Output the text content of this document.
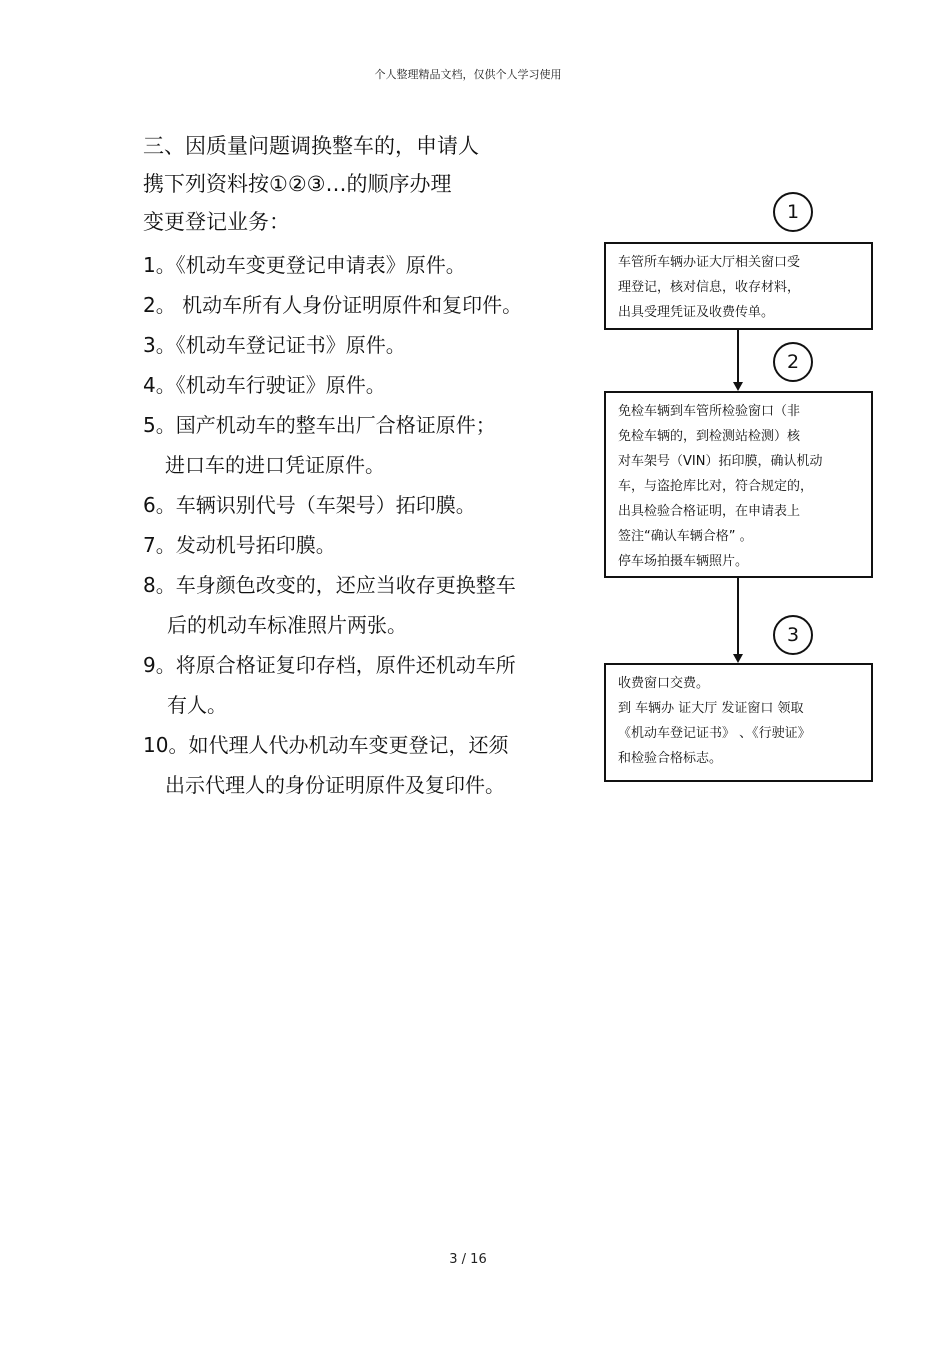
个人整理精品文档，仅供个人学习使用
三、因质量问题调换整车的，申请人
携下列资料按①②③…的顺序办理
变更登记业务：
1。《机动车变更登记申请表》原件。
2。 机动车所有人身份证明原件和复印件。
3。《机动车登记证书》原件。
4。《机动车行驶证》原件。
5。国产机动车的整车出厂合格证原件；
进口车的进口凭证原件。
6。车辆识别代号（车架号）拓印膜。
7。发动机号拓印膜。
8。车身颜色改变的，还应当收存更换整车
后的机动车标准照片两张。
9。将原合格证复印存档，原件还机动车所
有人。
10。如代理人代办机动车变更登记，还须
出示代理人的身份证明原件及复印件。
1
车管所车辆办证大厅相关窗口受
理登记，核对信息，收存材料，
出具受理凭证及收费传单。
2
免检车辆到车管所检验窗口（非
免检车辆的，到检测站检测）核
对车架号（VIN）拓印膜，确认机动
车，与盗抢库比对，符合规定的，
出具检验合格证明，在申请表上
签注“确认车辆合格” 。
停车场拍摄车辆照片。
3
收费窗口交费。
到 车辆办 证大厅 发证窗口 领取
《机动车登记证书》 、《行驶证》
和检验合格标志。
3 / 16
